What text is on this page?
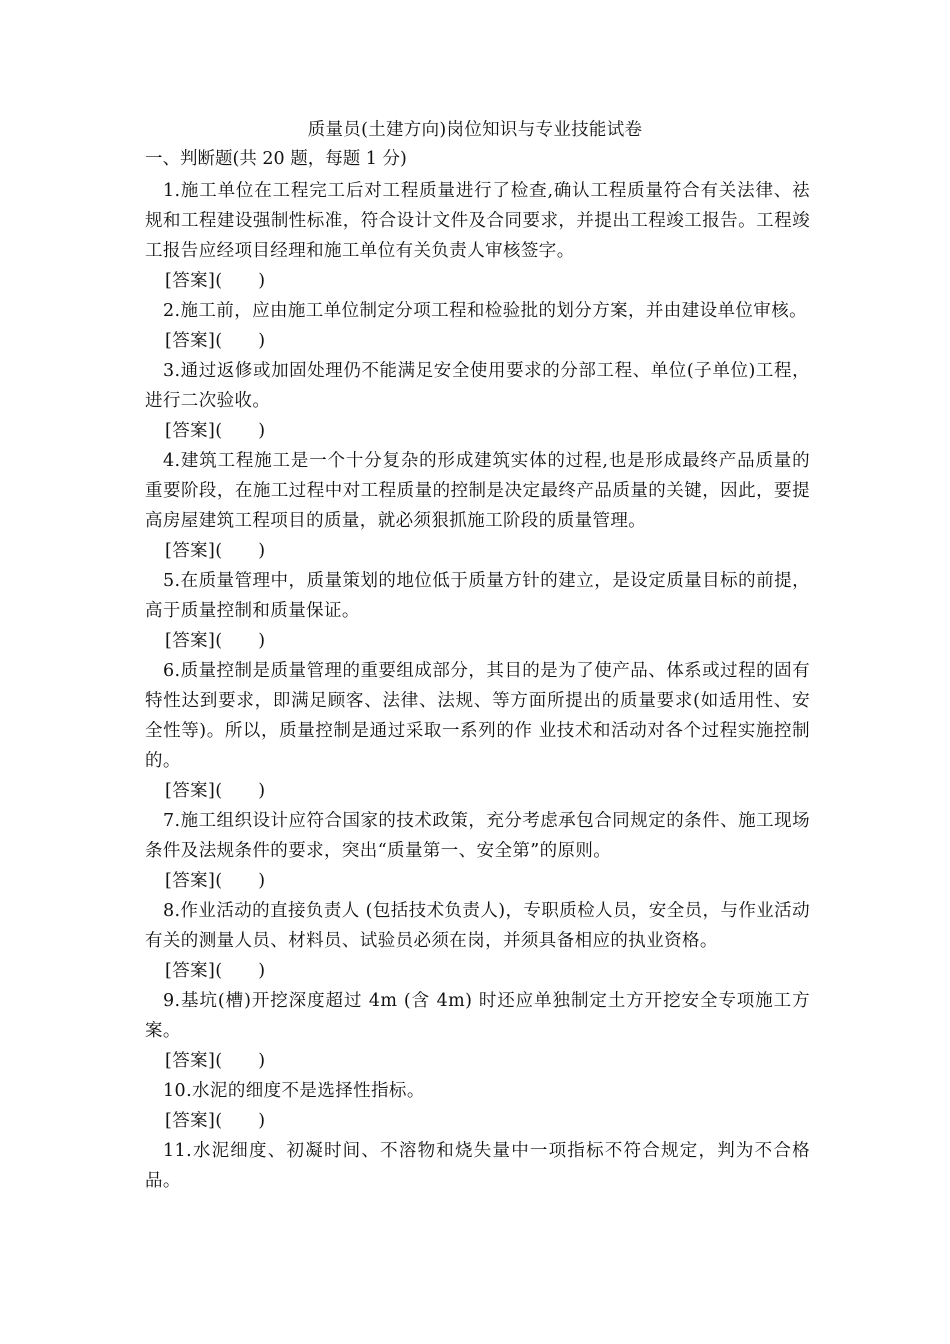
质量员(土建方向)岗位知识与专业技能试卷
一、判断题(共 20 题，每题 1 分)

1.施工单位在工程完工后对工程质量进行了检查,确认工程质量符合有关法律、祛规和工程建设强制性标准，符合设计文件及合同要求，并提出工程竣工报告。工程竣工报告应经项目经理和施工单位有关负责人审核签字。

[答案](　　)

2.施工前，应由施工单位制定分项工程和检验批的划分方案，并由建设单位审核。

[答案](　　)

3.通过返修或加固处理仍不能满足安全使用要求的分部工程、单位(子单位)工程，进行二次验收。

[答案](　　)

4.建筑工程施工是一个十分复杂的形成建筑实体的过程,也是形成最终产品质量的重要阶段，在施工过程中对工程质量的控制是决定最终产品质量的关键，因此，要提高房屋建筑工程项目的质量，就必须狠抓施工阶段的质量管理。

[答案](　　)

5.在质量管理中，质量策划的地位低于质量方针的建立，是设定质量目标的前提，高于质量控制和质量保证。

[答案](　　)

6.质量控制是质量管理的重要组成部分，其目的是为了使产品、体系或过程的固有特性达到要求，即满足顾客、法律、法规、等方面所提出的质量要求(如适用性、安全性等)。所以，质量控制是通过采取一系列的作 业技术和活动对各个过程实施控制的。

[答案](　　)

7.施工组织设计应符合国家的技术政策，充分考虑承包合同规定的条件、施工现场条件及法规条件的要求，突出“质量第一、安全第”的原则。

[答案](　　)

8.作业活动的直接负责人 (包括技术负责人)，专职质检人员，安全员，与作业活动有关的测量人员、材料员、试验员必须在岗，并须具备相应的执业资格。

[答案](　　)

9.基坑(槽)开挖深度超过 4m (含 4m) 时还应单独制定土方开挖安全专项施工方案。

[答案](　　)

10.水泥的细度不是选择性指标。

[答案](　　)

11.水泥细度、初凝时间、不溶物和烧失量中一项指标不符合规定，判为不合格品。
